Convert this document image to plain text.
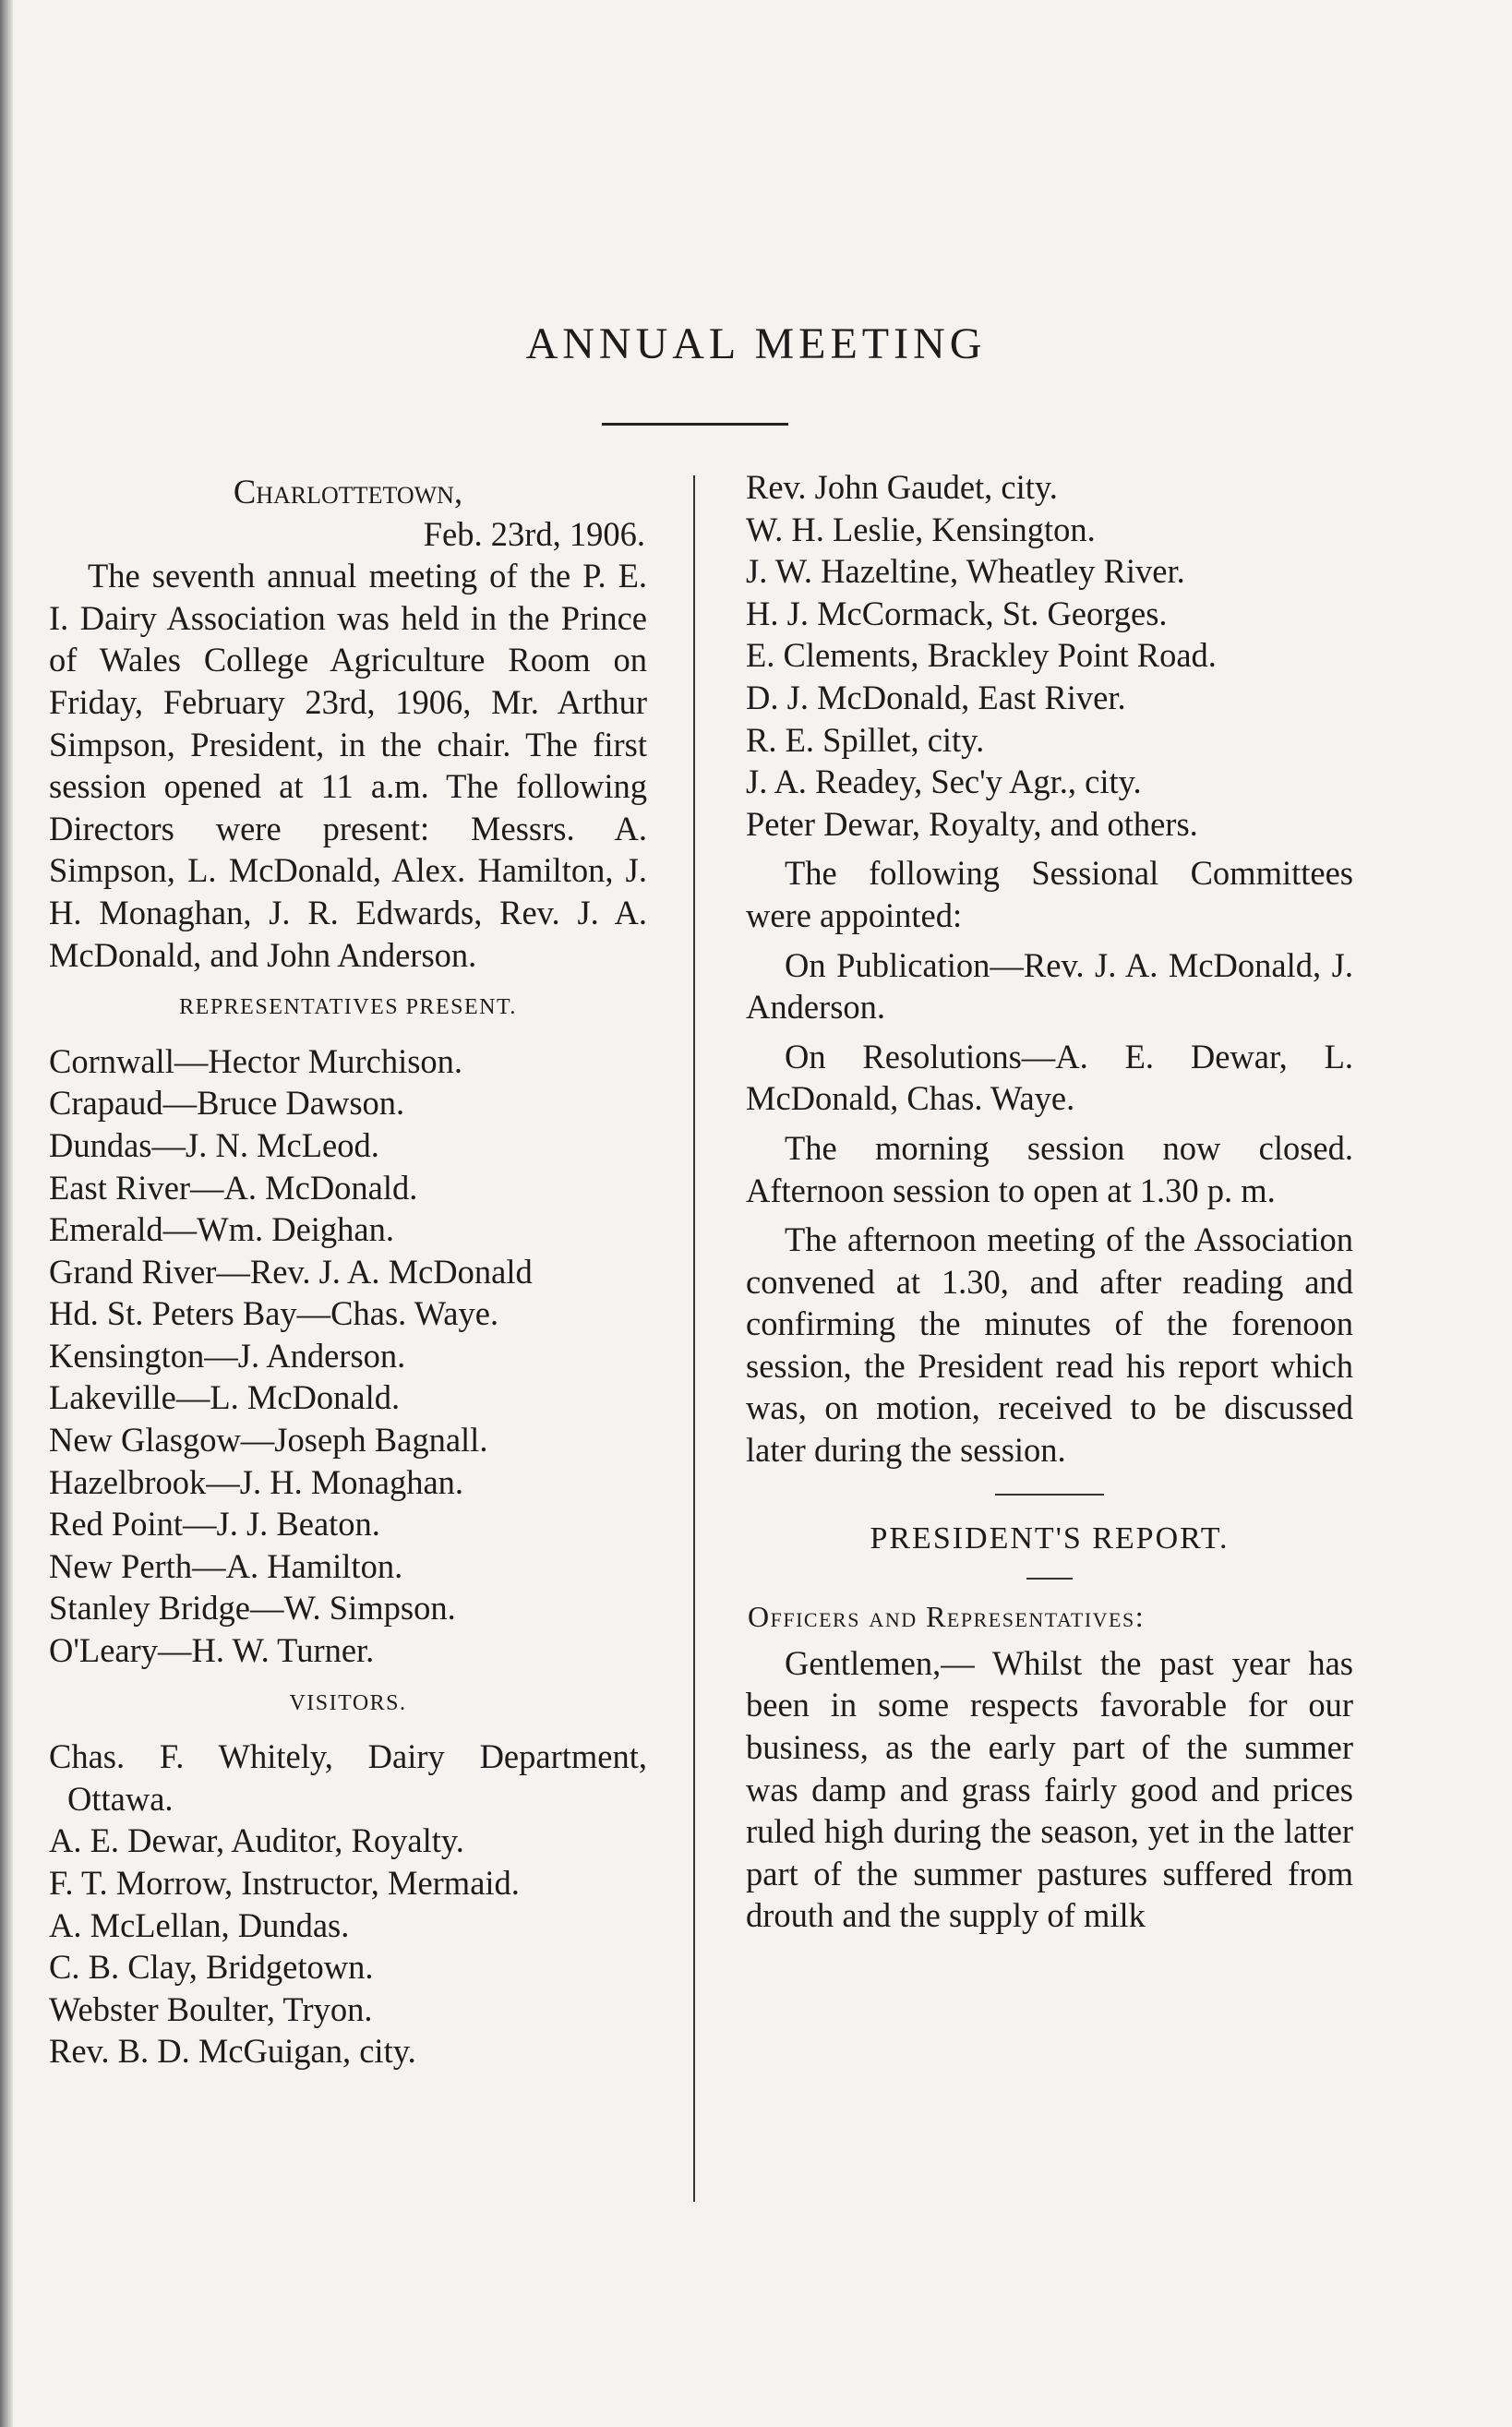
ANNUAL MEETING

Charlottetown,

Feb. 23rd, 1906.

The seventh annual meeting of the P. E. I. Dairy Association was held in the Prince of Wales College Agriculture Room on Friday, February 23rd, 1906, Mr. Arthur Simpson, President, in the chair. The first session opened at 11 a.m. The following Directors were present: Messrs. A. Simpson, L. McDonald, Alex. Hamilton, J. H. Monaghan, J. R. Edwards, Rev. J. A. McDonald, and John Anderson.

REPRESENTATIVES PRESENT.

Cornwall—Hector Murchison.

Crapaud—Bruce Dawson.

Dundas—J. N. McLeod.

East River—A. McDonald.

Emerald—Wm. Deighan.

Grand River—Rev. J. A. McDonald

Hd. St. Peters Bay—Chas. Waye.

Kensington—J. Anderson.

Lakeville—L. McDonald.

New Glasgow—Joseph Bagnall.

Hazelbrook—J. H. Monaghan.

Red Point—J. J. Beaton.

New Perth—A. Hamilton.

Stanley Bridge—W. Simpson.

O'Leary—H. W. Turner.

VISITORS.

Chas. F. Whitely, Dairy Department, Ottawa.

A. E. Dewar, Auditor, Royalty.

F. T. Morrow, Instructor, Mermaid.

A. McLellan, Dundas.

C. B. Clay, Bridgetown.

Webster Boulter, Tryon.

Rev. B. D. McGuigan, city.

Rev. John Gaudet, city.

W. H. Leslie, Kensington.

J. W. Hazeltine, Wheatley River.

H. J. McCormack, St. Georges.

E. Clements, Brackley Point Road.

D. J. McDonald, East River.

R. E. Spillet, city.

J. A. Readey, Sec'y Agr., city.

Peter Dewar, Royalty, and others.

The following Sessional Committees were appointed:

On Publication—Rev. J. A. McDonald, J. Anderson.

On Resolutions—A. E. Dewar, L. McDonald, Chas. Waye.

The morning session now closed. Afternoon session to open at 1.30 p. m.

The afternoon meeting of the Association convened at 1.30, and after reading and confirming the minutes of the forenoon session, the President read his report which was, on motion, received to be discussed later during the session.

PRESIDENT'S REPORT.

Officers and Representatives:

Gentlemen,— Whilst the past year has been in some respects favorable for our business, as the early part of the summer was damp and grass fairly good and prices ruled high during the season, yet in the latter part of the summer pastures suffered from drouth and the supply of milk
